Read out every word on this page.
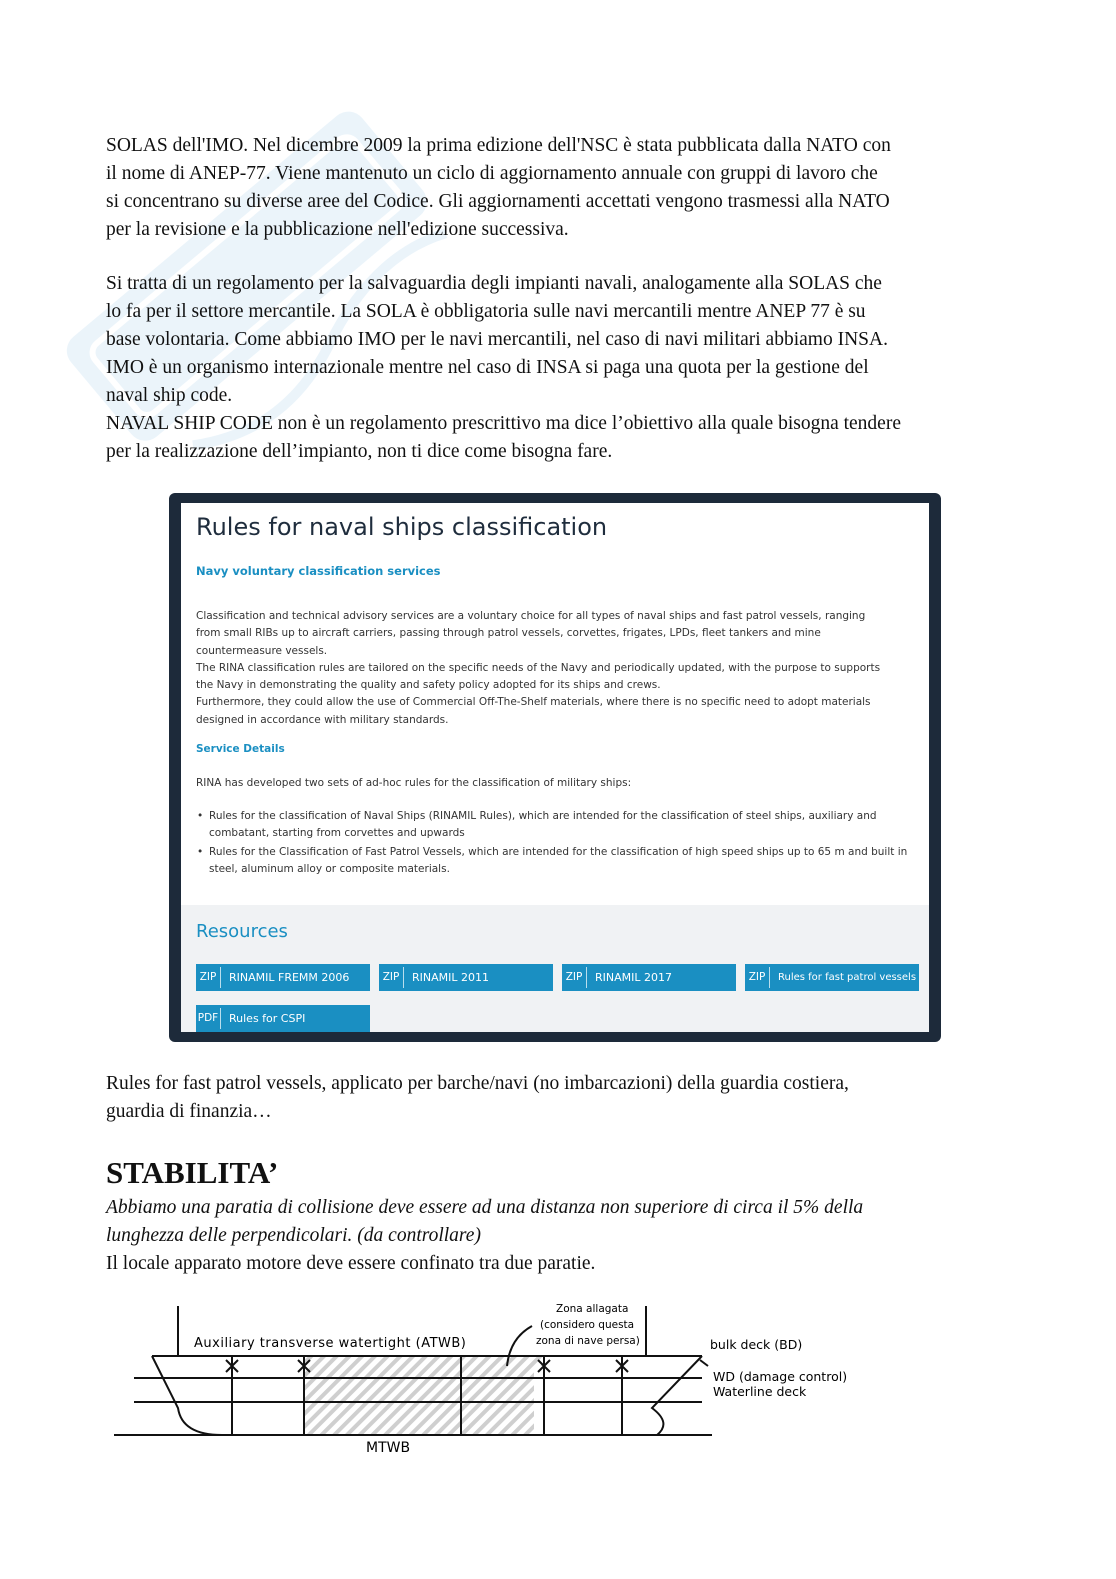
SOLAS dell'IMO. Nel dicembre 2009 la prima edizione dell'NSC è stata pubblicata dalla NATO con
il nome di ANEP-77. Viene mantenuto un ciclo di aggiornamento annuale con gruppi di lavoro che
si concentrano su diverse aree del Codice. Gli aggiornamenti accettati vengono trasmessi alla NATO
per la revisione e la pubblicazione nell'edizione successiva.

Si tratta di un regolamento per la salvaguardia degli impianti navali, analogamente alla SOLAS che
lo fa per il settore mercantile. La SOLA è obbligatoria sulle navi mercantili mentre ANEP 77 è su
base volontaria. Come abbiamo IMO per le navi mercantili, nel caso di navi militari abbiamo INSA.
IMO è un organismo internazionale mentre nel caso di INSA si paga una quota per la gestione del
naval ship code.
NAVAL SHIP CODE non è un regolamento prescrittivo ma dice l’obiettivo alla quale bisogna tendere
per la realizzazione dell’impianto, non ti dice come bisogna fare.

Rules for naval ships classification
Navy voluntary classification services
Classification and technical advisory services are a voluntary choice for all types of naval ships and fast patrol vessels, ranging
from small RIBs up to aircraft carriers, passing through patrol vessels, corvettes, frigates, LPDs, fleet tankers and mine
countermeasure vessels.
The RINA classification rules are tailored on the specific needs of the Navy and periodically updated, with the purpose to supports
the Navy in demonstrating the quality and safety policy adopted for its ships and crews.
Furthermore, they could allow the use of Commercial Off-The-Shelf materials, where there is no specific need to adopt materials
designed in accordance with military standards.
Service Details
RINA has developed two sets of ad-hoc rules for the classification of military ships:
• Rules for the classification of Naval Ships (RINAMIL Rules), which are intended for the classification of steel ships, auxiliary and combatant, starting from corvettes and upwards
• Rules for the Classification of Fast Patrol Vessels, which are intended for the classification of high speed ships up to 65 m and built in steel, aluminum alloy or composite materials.
Resources
ZIP	RINAMIL FREMM 2006	ZIP	RINAMIL 2011	ZIP	RINAMIL 2017	ZIP	Rules for fast patrol vessels
PDF Rules for CSPI

Rules for fast patrol vessels, applicato per barche/navi (no imbarcazioni) della guardia costiera,
guardia di finanzia…

STABILITA’

Abbiamo una paratia di collisione deve essere ad una distanza non superiore di circa il 5% della
lunghezza delle perpendicolari. (da controllare)
Il locale apparato motore deve essere confinato tra due paratie.

Auxiliary transverse watertight (ATWB)
Zona allagata
(considero questa
zona di nave persa)	bulk deck (BD)
WD (damage control)
Waterline deck
MTWB
